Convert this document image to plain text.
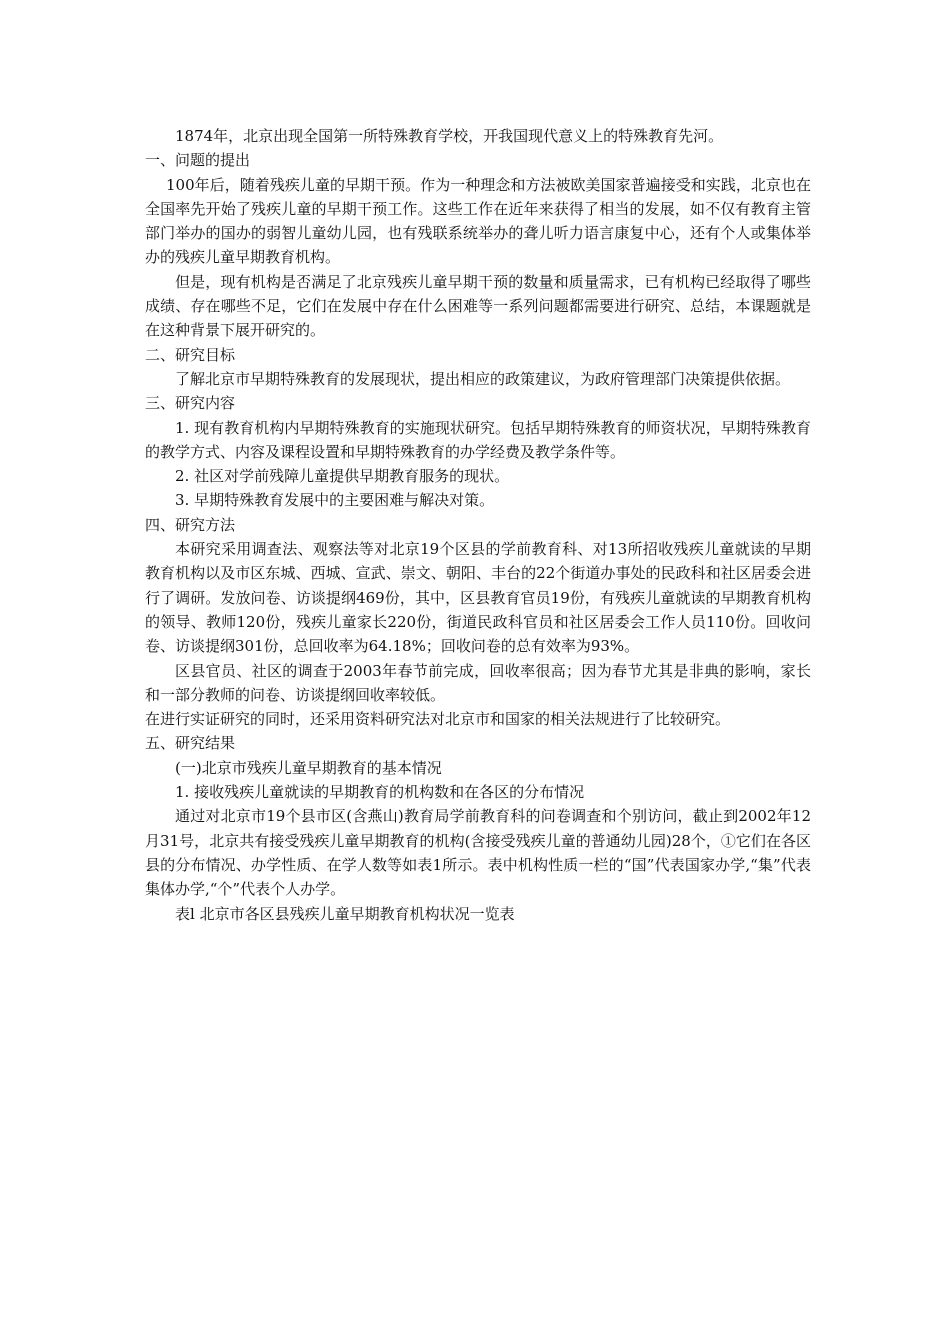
1874年，北京出现全国第一所特殊教育学校，开我国现代意义上的特殊教育先河。

一、问题的提出

100年后，随着残疾儿童的早期干预。作为一种理念和方法被欧美国家普遍接受和实践，北京也在全国率先开始了残疾儿童的早期干预工作。这些工作在近年来获得了相当的发展，如不仅有教育主管部门举办的国办的弱智儿童幼儿园，也有残联系统举办的聋儿听力语言康复中心，还有个人或集体举办的残疾儿童早期教育机构。

但是，现有机构是否满足了北京残疾儿童早期干预的数量和质量需求，已有机构已经取得了哪些成绩、存在哪些不足，它们在发展中存在什么困难等一系列问题都需要进行研究、总结，本课题就是在这种背景下展开研究的。

二、研究目标

了解北京市早期特殊教育的发展现状，提出相应的政策建议，为政府管理部门决策提供依据。

三、研究内容

1. 现有教育机构内早期特殊教育的实施现状研究。包括早期特殊教育的师资状况，早期特殊教育的教学方式、内容及课程设置和早期特殊教育的办学经费及教学条件等。

2. 社区对学前残障儿童提供早期教育服务的现状。

3. 早期特殊教育发展中的主要困难与解决对策。

四、研究方法

本研究采用调查法、观察法等对北京19个区县的学前教育科、对13所招收残疾儿童就读的早期教育机构以及市区东城、西城、宣武、崇文、朝阳、丰台的22个街道办事处的民政科和社区居委会进行了调研。发放问卷、访谈提纲469份，其中，区县教育官员19份，有残疾儿童就读的早期教育机构的领导、教师120份，残疾儿童家长220份，街道民政科官员和社区居委会工作人员110份。回收问卷、访谈提纲301份，总回收率为64.18%；回收问卷的总有效率为93%。

区县官员、社区的调查于2003年春节前完成，回收率很高；因为春节尤其是非典的影响，家长和一部分教师的问卷、访谈提纲回收率较低。

在进行实证研究的同时，还采用资料研究法对北京市和国家的相关法规进行了比较研究。

五、研究结果

(一)北京市残疾儿童早期教育的基本情况

1. 接收残疾儿童就读的早期教育的机构数和在各区的分布情况

通过对北京市19个县市区(含燕山)教育局学前教育科的问卷调查和个别访问，截止到2002年12月31号，北京共有接受残疾儿童早期教育的机构(含接受残疾儿童的普通幼儿园)28个，①它们在各区县的分布情况、办学性质、在学人数等如表1所示。表中机构性质一栏的“国”代表国家办学,“集”代表集体办学,“个”代表个人办学。

表l 北京市各区县残疾儿童早期教育机构状况一览表
